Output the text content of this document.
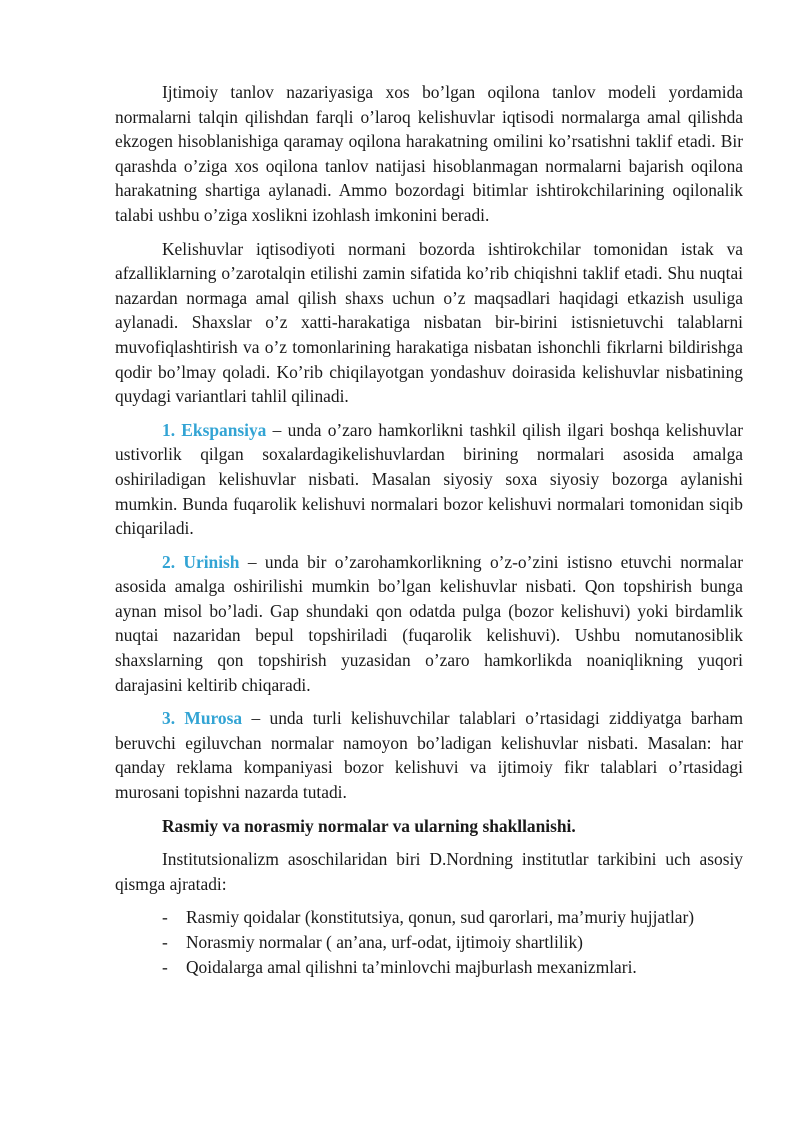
Ijtimoiy tanlov nazariyasiga xos bo’lgan oqilona tanlov modeli yordamida normalarni talqin qilishdan farqli o’laroq kelishuvlar iqtisodi normalarga amal qilishda ekzogen hisoblanishiga qaramay oqilona harakatning omilini ko’rsatishni taklif etadi. Bir qarashda o’ziga xos oqilona tanlov natijasi hisoblanmagan normalarni bajarish oqilona harakatning shartiga aylanadi. Ammo bozordagi bitimlar ishtirokchilarining oqilonalik talabi ushbu o’ziga xoslikni izohlash imkonini beradi.

Kelishuvlar iqtisodiyoti normani bozorda ishtirokchilar tomonidan istak va afzalliklarning o’zarotalqin etilishi zamin sifatida ko’rib chiqishni taklif etadi. Shu nuqtai nazardan normaga amal qilish shaxs uchun o’z maqsadlari haqidagi etkazish usuliga aylanadi. Shaxslar o’z xatti-harakatiga nisbatan bir-birini istisnietuvchi talablarni muvofiqlashtirish va o’z tomonlarining harakatiga nisbatan ishonchli fikrlarni bildirishga qodir bo’lmay qoladi. Ko’rib chiqilayotgan yondashuv doirasida kelishuvlar nisbatining quydagi variantlari tahlil qilinadi.

1. Ekspansiya – unda o’zaro hamkorlikni tashkil qilish ilgari boshqa kelishuvlar ustivorlik qilgan soxalardagikelishuvlardan birining normalari asosida amalga oshiriladigan kelishuvlar nisbati. Masalan siyosiy soxa siyosiy bozorga aylanishi mumkin. Bunda fuqarolik kelishuvi normalari bozor kelishuvi normalari tomonidan siqib chiqariladi.

2. Urinish – unda bir o’zarohamkorlikning o’z-o’zini istisno etuvchi normalar asosida amalga oshirilishi mumkin bo’lgan kelishuvlar nisbati. Qon topshirish bunga aynan misol bo’ladi. Gap shundaki qon odatda pulga (bozor kelishuvi) yoki birdamlik nuqtai nazaridan bepul topshiriladi (fuqarolik kelishuvi). Ushbu nomutanosiblik shaxslarning qon topshirish yuzasidan o’zaro hamkorlikda noaniqlikning yuqori darajasini keltirib chiqaradi.

3. Murosa – unda turli kelishuvchilar talablari o’rtasidagi ziddiyatga barham beruvchi egiluvchan normalar namoyon bo’ladigan kelishuvlar nisbati. Masalan: har qanday reklama kompaniyasi bozor kelishuvi va ijtimoiy fikr talablari o’rtasidagi murosani topishni nazarda tutadi.

Rasmiy va norasmiy normalar va ularning shakllanishi.

Institutsionalizm asoschilaridan biri D.Nordning institutlar tarkibini uch asosiy qismga ajratadi:

- Rasmiy qoidalar (konstitutsiya, qonun, sud qarorlari, ma’muriy hujjatlar)
- Norasmiy normalar ( an’ana, urf-odat, ijtimoiy shartlilik)
- Qoidalarga amal qilishni ta’minlovchi majburlash mexanizmlari.
